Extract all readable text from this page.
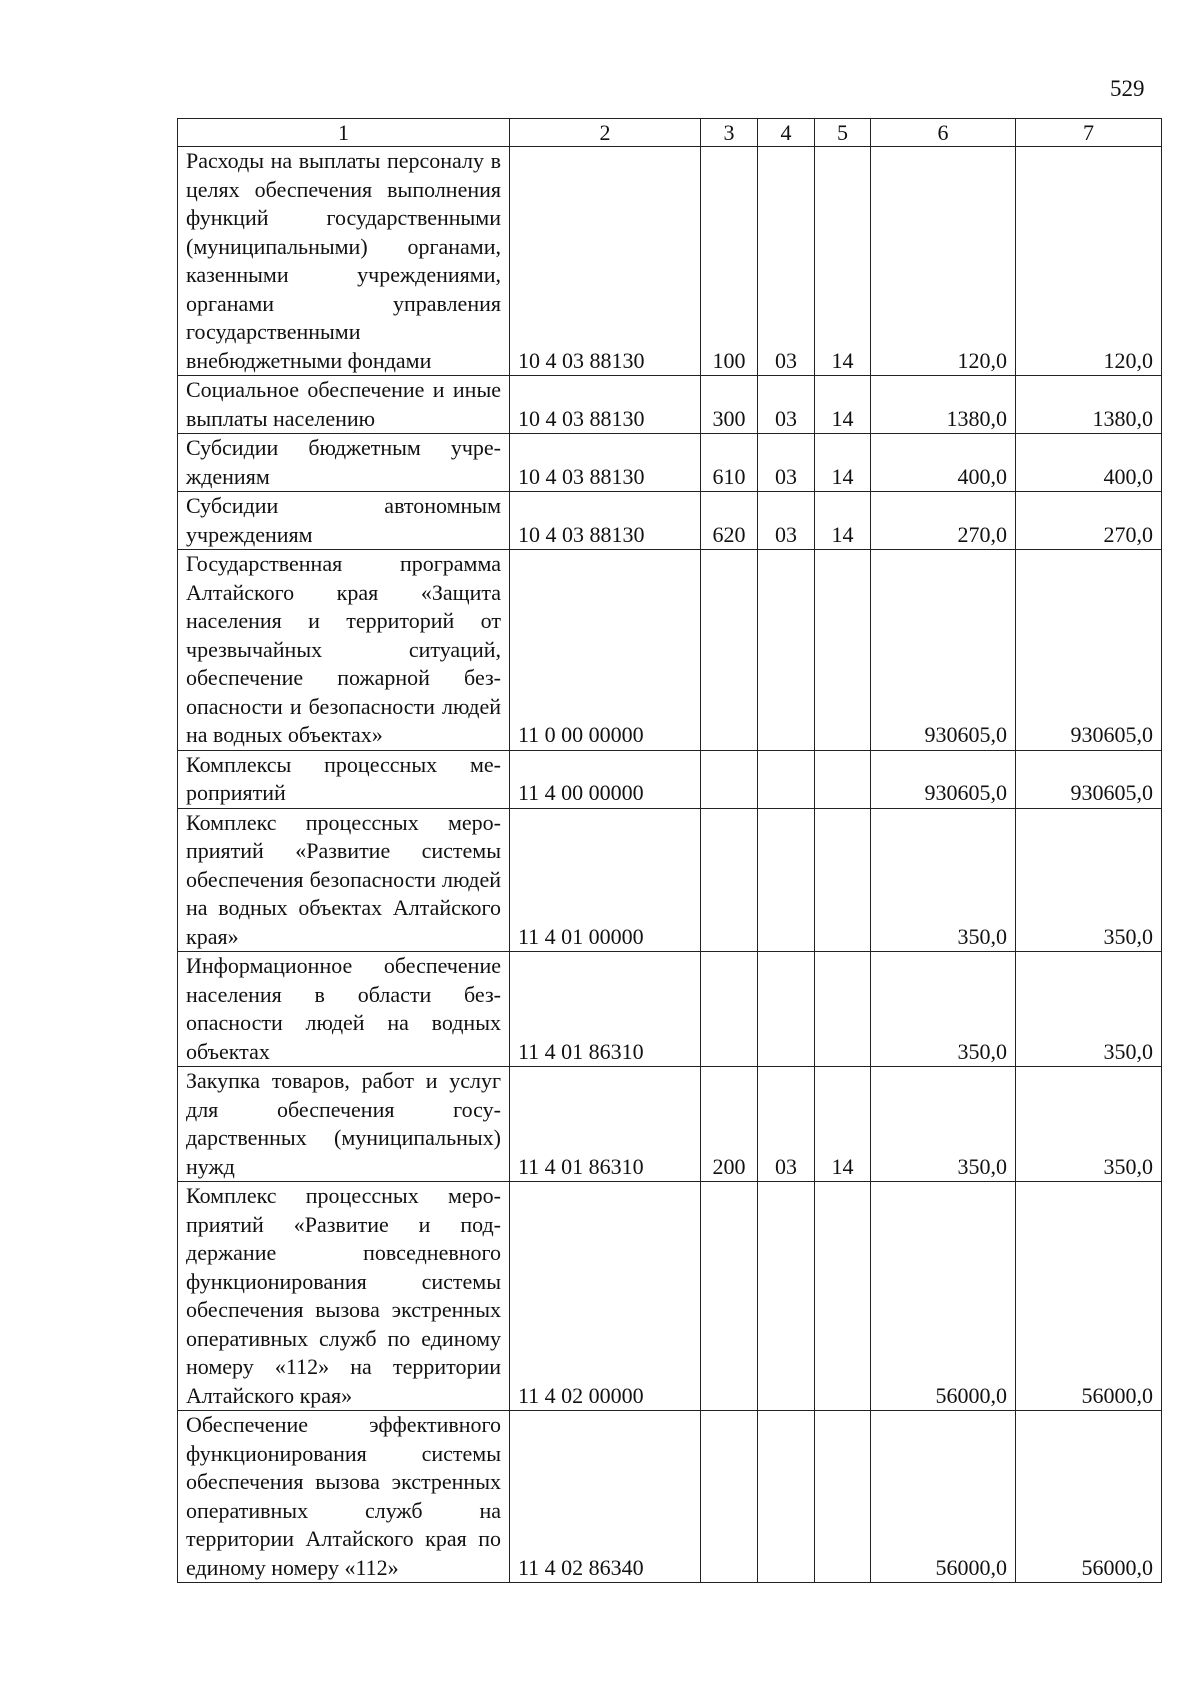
529
1	2	3	4	5	6	7
Расходы на выплаты персоналу в целях обеспечения выполнения функций государственными (муниципальными) органами, казенными учреждениями, органами управления государственными внебюджетными фондами	10 4 03 88130	100	03	14	120,0	120,0
Социальное обеспечение и иные выплаты населению	10 4 03 88130	300	03	14	1380,0	1380,0
Субсидии бюджетным учреждениям	10 4 03 88130	610	03	14	400,0	400,0
Субсидии автономным учреждениям	10 4 03 88130	620	03	14	270,0	270,0
Государственная программа Алтайского края «Защита населения и территорий от чрезвычайных ситуаций, обеспечение пожарной безопасности и безопасности людей на водных объектах»	11 0 00 00000				930605,0	930605,0
Комплексы процессных мероприятий	11 4 00 00000				930605,0	930605,0
Комплекс процессных мероприятий «Развитие системы обеспечения безопасности людей на водных объектах Алтайского края»	11 4 01 00000				350,0	350,0
Информационное обеспечение населения в области безопасности людей на водных объектах	11 4 01 86310				350,0	350,0
Закупка товаров, работ и услуг для обеспечения государственных (муниципальных) нужд	11 4 01 86310	200	03	14	350,0	350,0
Комплекс процессных мероприятий «Развитие и поддержание повседневного функционирования системы обеспечения вызова экстренных оперативных служб по единому номеру «112» на территории Алтайского края»	11 4 02 00000				56000,0	56000,0
Обеспечение эффективного функционирования системы обеспечения вызова экстренных оперативных служб на территории Алтайского края по единому номеру «112»	11 4 02 86340				56000,0	56000,0
